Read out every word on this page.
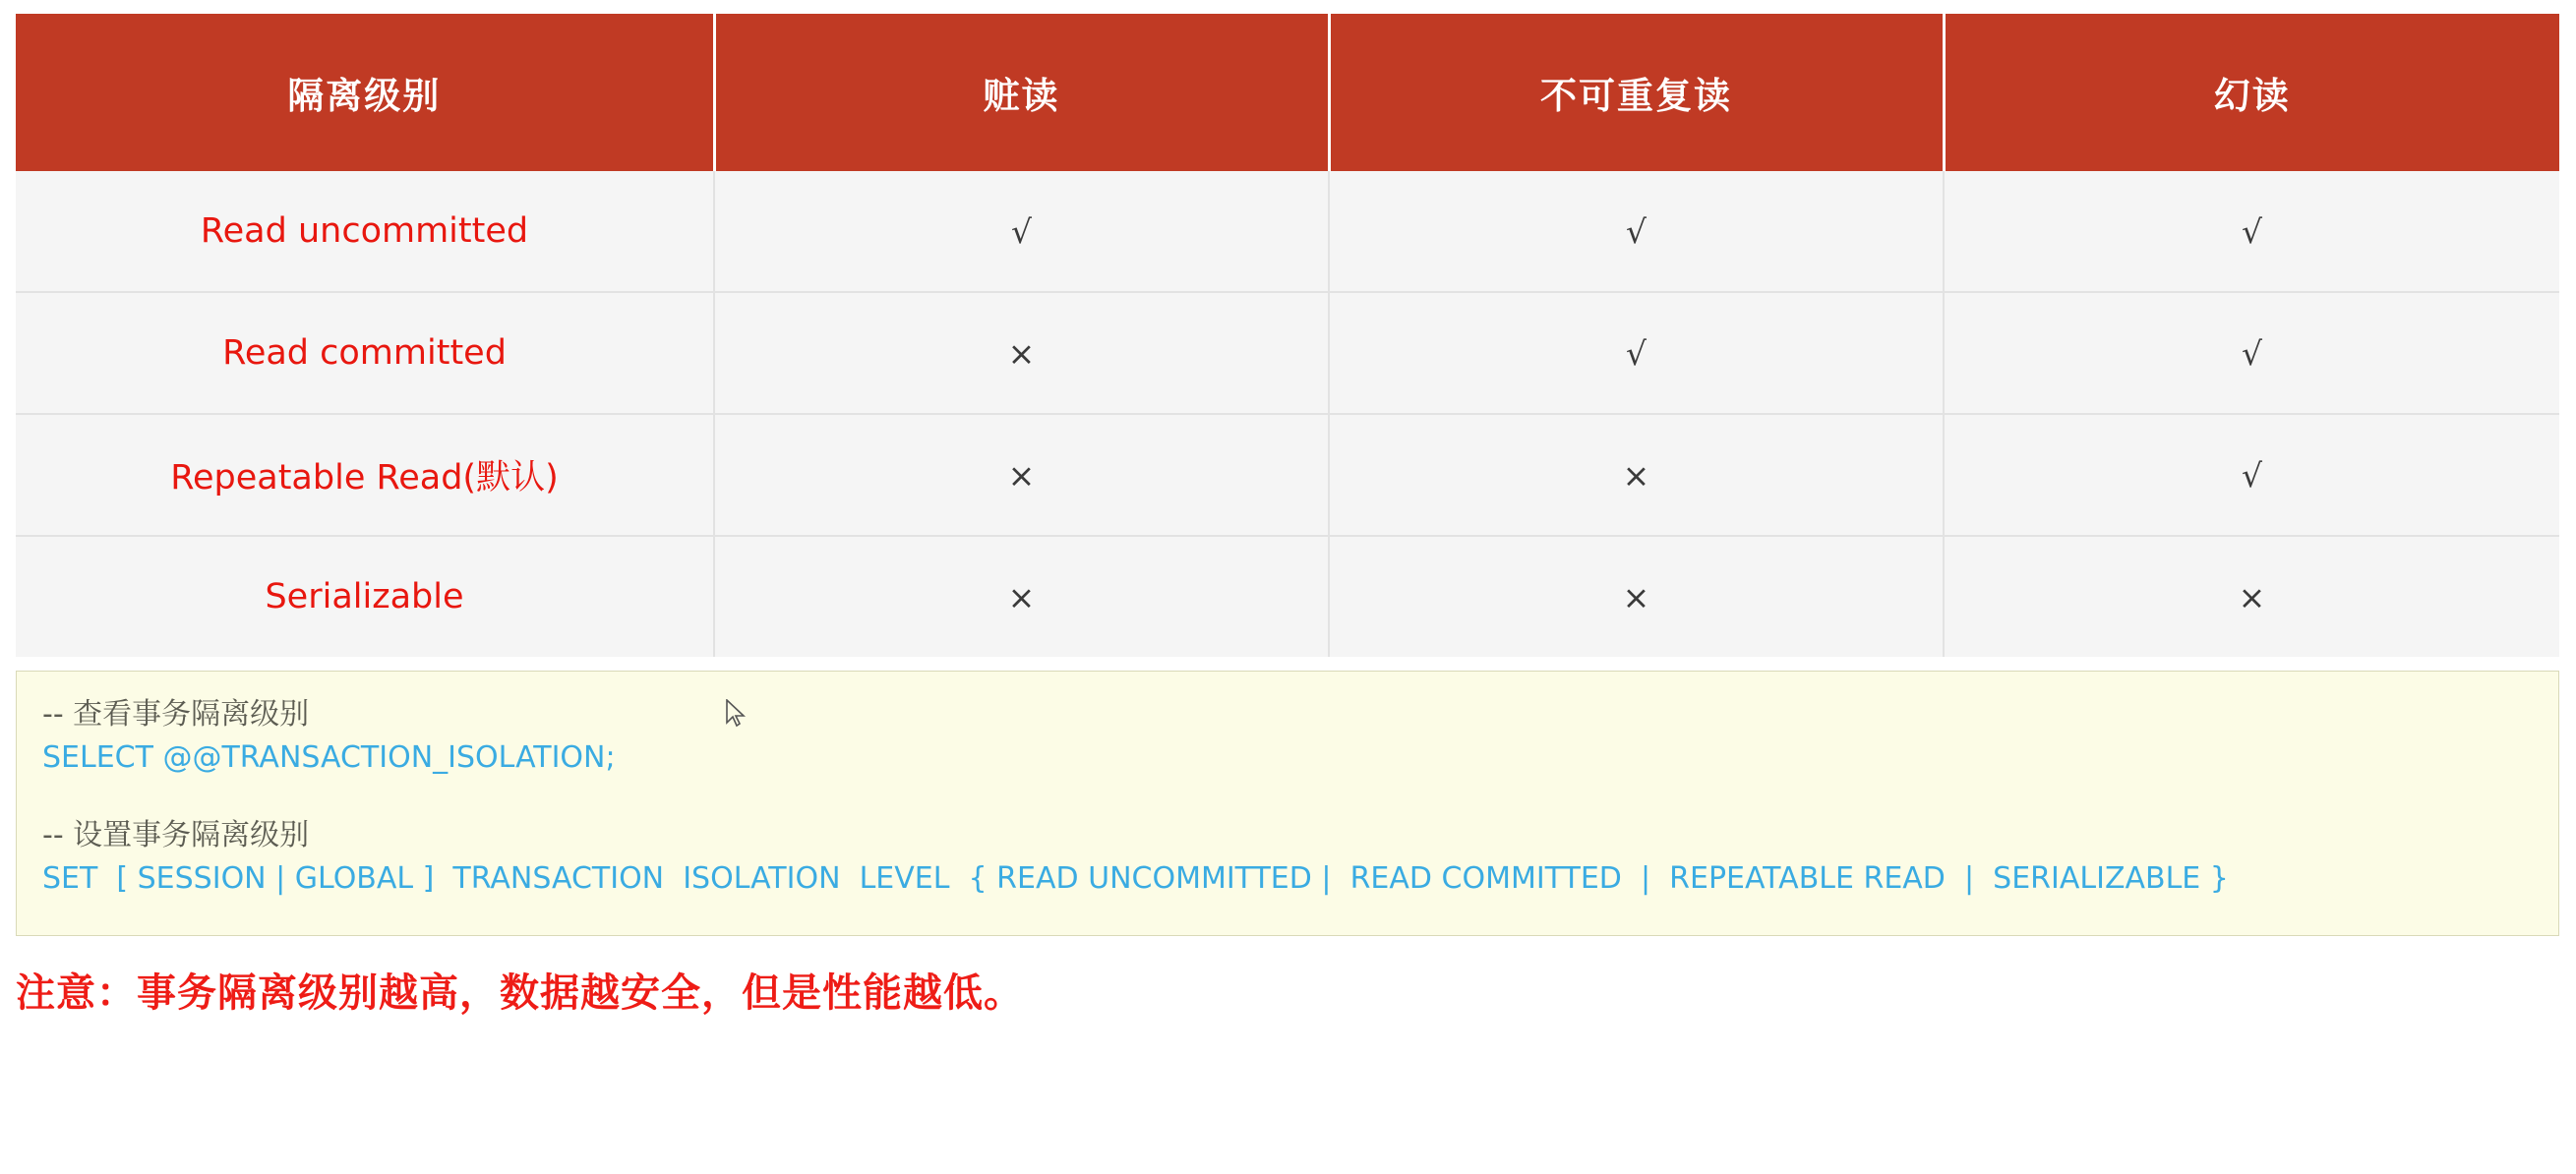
隔离级别	赃读	不可重复读	幻读
Read uncommitted	√	√	√
Read committed	×	√	√
Repeatable Read(默认)	×	×	√
Serializable	×	×	×
-- 查看事务隔离级别
SELECT @@TRANSACTION_ISOLATION;
-- 设置事务隔离级别
SET  [ SESSION | GLOBAL ]  TRANSACTION  ISOLATION  LEVEL  { READ UNCOMMITTED |  READ COMMITTED  |  REPEATABLE READ  |  SERIALIZABLE }
注意：事务隔离级别越高，数据越安全，但是性能越低。
